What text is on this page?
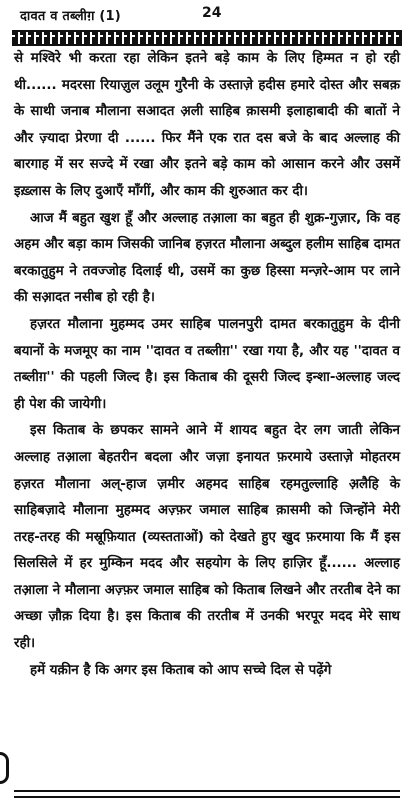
दावत व तब्लीग़ (1)	24

से मश्विरे भी करता रहा लेकिन इतने बड़े काम के लिए हिम्मत न हो रही थी...... मदरसा रियाज़ुल उलूम गुरैनी के उस्ताज़े हदीस हमारे दोस्त और सबक़ के साथी जनाब मौलाना सआदत अ़ली साहिब क़ासमी इलाहाबादी की बातों ने और ज़्यादा प्रेरणा दी ...... फिर मैंने एक रात दस बजे के बाद अल्लाह की बारगाह में सर सज्दे में रखा और इतने बड़े काम को आसान करने और उसमें इख़्लास के लिए दुआएँ माँगीं, और काम की शुरुआत कर दी।

आज मैं बहुत खुश हूँ और अल्लाह तआ़ला का बहुत ही शुक्र-गुज़ार, कि वह अहम और बड़ा काम जिसकी जानिब हज़रत मौलाना अब्दुल हलीम साहिब दामत बरकातुहुम ने तवज्जोह दिलाई थी, उसमें का कुछ हिस्सा मन्ज़रे-आम पर लाने की सआ़दत नसीब हो रही है।

हज़रत मौलाना मुहम्मद उमर साहिब पालनपुरी दामत बरकातुहुम के दीनी बयानों के मजमूए का नाम ''दावत व तब्लीग़'' रखा गया है, और यह ''दावत व तब्लीग़'' की पहली जिल्द है। इस किताब की दूसरी जिल्द इन्शा-अल्लाह जल्द ही पेश की जायेगी।

इस किताब के छपकर सामने आने में शायद बहुत देर लग जाती लेकिन अल्लाह तआ़ला बेहतरीन बदला और जज़ा इनायत फ़रमाये उस्ताज़े मोहतरम हज़रत मौलाना अल्-हाज ज़मीर अहमद साहिब रहमतुल्लाहि अ़लैहि के साहिबज़ादे मौलाना मुहम्मद अज़्फ़र जमाल साहिब क़ासमी को जिन्होंने मेरी तरह-तरह की मस्रूफ़ियात (व्यस्तताओं) को देखते हुए खुद फ़रमाया कि मैं इस सिलसिले में हर मुम्किन मदद और सहयोग के लिए हाज़िर हूँ...... अल्लाह तआ़ला ने मौलाना अज़्फ़र जमाल साहिब को किताब लिखने और तरतीब देने का अच्छा ज़ौक़ दिया है। इस किताब की तरतीब में उनकी भरपूर मदद मेरे साथ रही।

हमें यक़ीन है कि अगर इस किताब को आप सच्चे दिल से पढ़ेंगे
